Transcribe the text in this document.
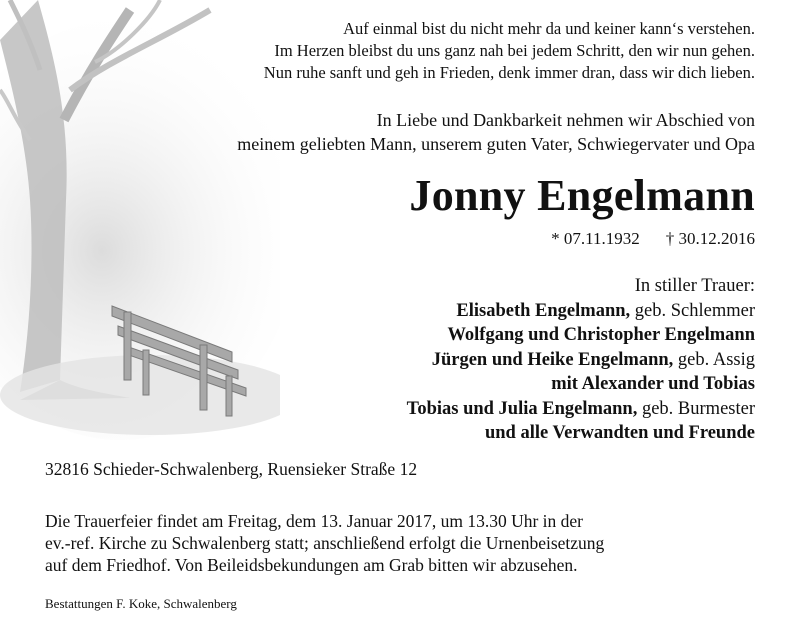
Auf einmal bist du nicht mehr da und keiner kann‘s verstehen.

Im Herzen bleibst du uns ganz nah bei jedem Schritt, den wir nun gehen.

Nun ruhe sanft und geh in Frieden, denk immer dran, dass wir dich lieben.

In Liebe und Dankbarkeit nehmen wir Abschied von

meinem geliebten Mann, unserem guten Vater, Schwiegervater und Opa

Jonny Engelmann
* 07.11.1932 † 30.12.2016

In stiller Trauer:

Elisabeth Engelmann, geb. Schlemmer

Wolfgang und Christopher Engelmann

Jürgen und Heike Engelmann, geb. Assig

mit Alexander und Tobias

Tobias und Julia Engelmann, geb. Burmester

und alle Verwandten und Freunde

32816 Schieder-Schwalenberg, Ruensieker Straße 12

Die Trauerfeier findet am Freitag, dem 13. Januar 2017, um 13.30 Uhr in der

ev.-ref. Kirche zu Schwalenberg statt; anschließend erfolgt die Urnenbeisetzung

auf dem Friedhof. Von Beileidsbekundungen am Grab bitten wir abzusehen.

Bestattungen F. Koke, Schwalenberg
